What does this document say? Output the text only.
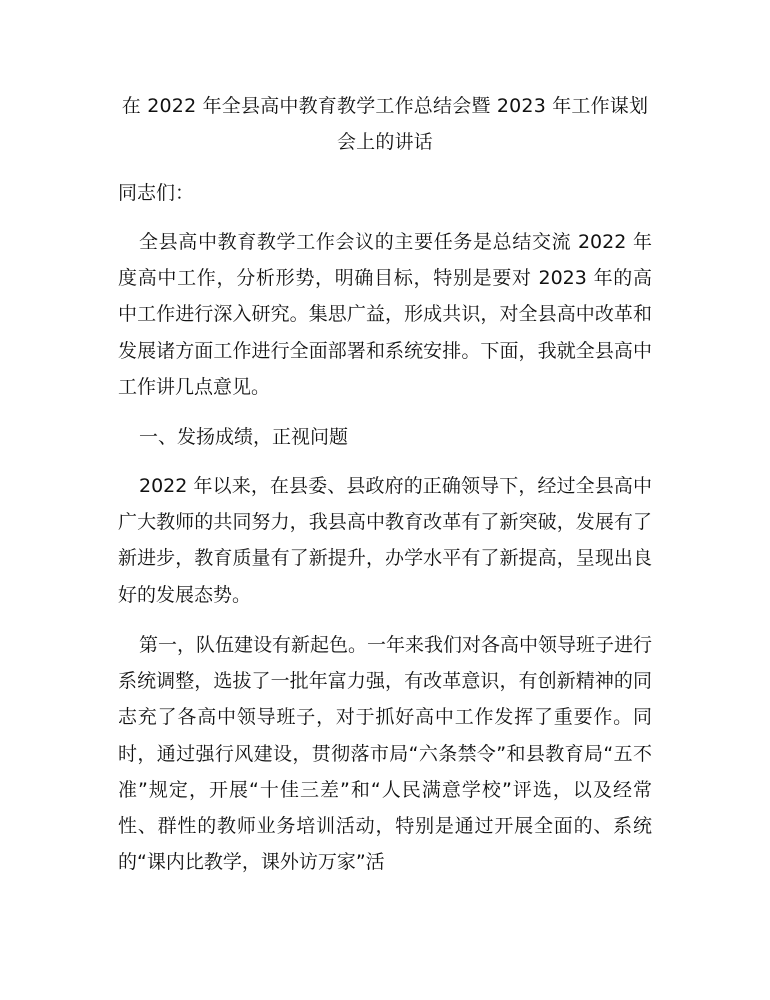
在 2022 年全县高中教育教学工作总结会暨 2023 年工作谋划会上的讲话
同志们：

全县高中教育教学工作会议的主要任务是总结交流 2022 年度高中工作，分析形势，明确目标，特别是要对 2023 年的高中工作进行深入研究。集思广益，形成共识，对全县高中改革和发展诸方面工作进行全面部署和系统安排。下面，我就全县高中工作讲几点意见。

一、发扬成绩，正视问题

2022 年以来，在县委、县政府的正确领导下，经过全县高中广大教师的共同努力，我县高中教育改革有了新突破，发展有了新进步，教育质量有了新提升，办学水平有了新提高，呈现出良好的发展态势。

第一，队伍建设有新起色。一年来我们对各高中领导班子进行系统调整，选拔了一批年富力强，有改革意识，有创新精神的同志充了各高中领导班子，对于抓好高中工作发挥了重要作。同时，通过强行风建设，贯彻落市局“六条禁令”和县教育局“五不准”规定，开展“十佳三差”和“人民满意学校”评选，以及经常性、群性的教师业务培训活动，特别是通过开展全面的、系统的“课内比教学，课外访万家”活
